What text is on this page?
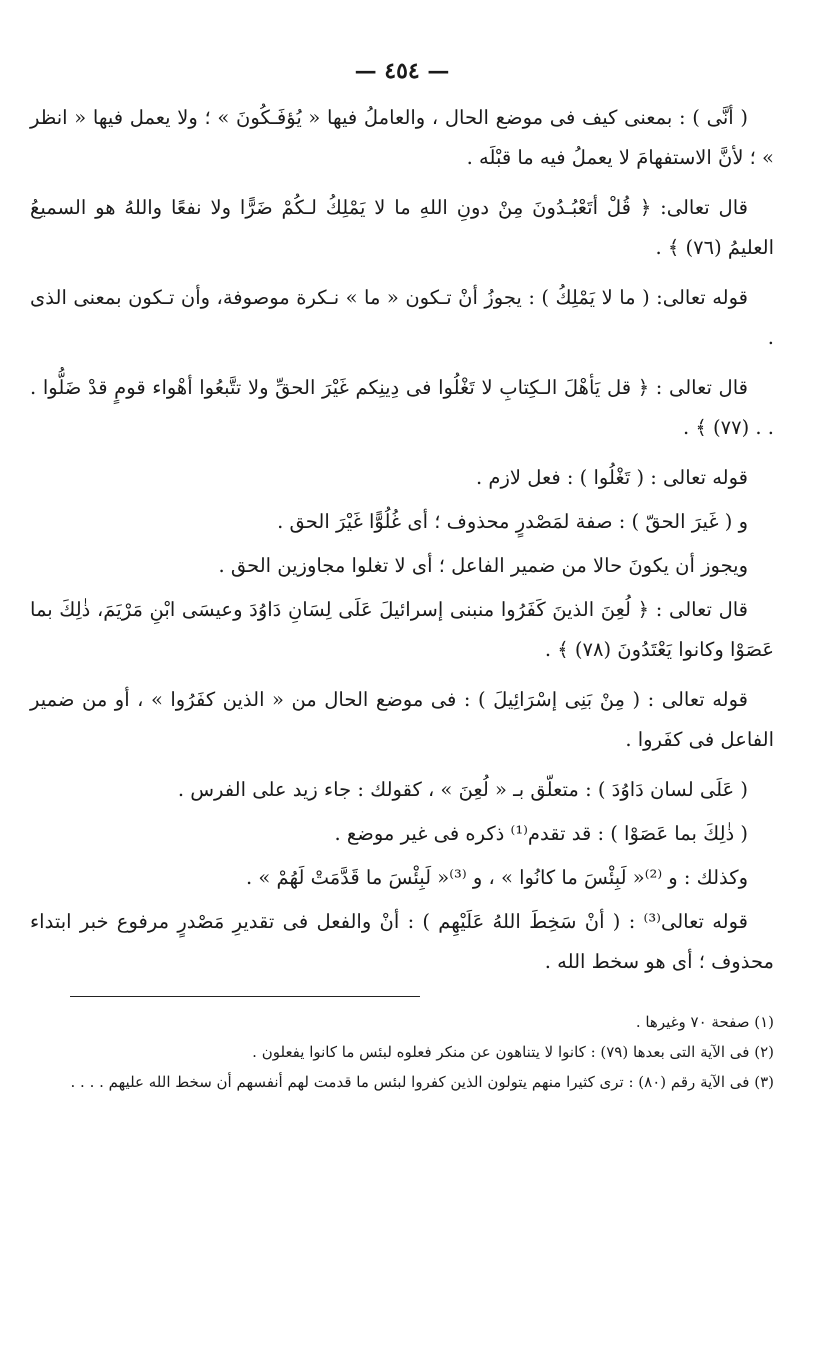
— ٤٥٤ —

( أنَّى ) : بمعنى كيف فى موضع الحال ، والعاملُ فيها « يُؤفَـكُونَ » ؛ ولا يعمل فيها « انظر » ؛ لأنَّ الاستفهامَ لا يعملُ فيه ما قبْلَه .

قال تعالى: ﴿ قُلْ أتَعْبُـدُونَ مِنْ دونِ اللهِ ما لا يَمْلِكُ لـكُمْ ضَرًّا ولا نفعًا واللهُ هو السميعُ العليمُ (٧٦) ﴾ .

قوله تعالى: ( ما لا يَمْلِكُ ) : يجوزُ أنْ تـكون « ما » نـكرة موصوفة، وأن تـكون بمعنى الذى .

قال تعالى : ﴿ قل يَأهْلَ الـكِتابِ لا تَغْلُوا فى دِينِكم غَيْرَ الحقِّ ولا تتَّبعُوا أهْواء قومٍ قدْ ضَلُّوا . . . (٧٧) ﴾ .

قوله تعالى : ( تَغْلُوا ) : فعل لازم .

و ( غَيرَ الحقّ ) : صفة لمَصْدرٍ محذوف ؛ أى غُلُوًّا غَيْرَ الحق .

ويجوز أن يكونَ حالا من ضمير الفاعل ؛ أى لا تغلوا مجاوزين الحق .

قال تعالى : ﴿ لُعِنَ الذينَ كَفَرُوا منبنى إسرائيلَ عَلَى لِسَانِ دَاوُدَ وعيسَى ابْنِ مَرْيَمَ، ذٰلِكَ بما عَصَوْا وكانوا يَعْتَدُونَ (٧٨) ﴾ .

قوله تعالى : ( مِنْ بَنِى إسْرَائِيلَ ) : فى موضع الحال من « الذين كفَرُوا » ، أو من ضمير الفاعل فى كفَروا .

( عَلَى لسان دَاوُدَ ) : متعلّق بـ « لُعِنَ » ، كقولك : جاء زيد على الفرس .

( ذٰلِكَ بما عَصَوْا ) : قد تقدم⁽¹⁾ ذكره فى غير موضع .

وكذلك : و ⁽²⁾« لَبِئْسَ ما كانُوا » ، و ⁽³⁾« لَبِئْسَ ما قَدَّمَتْ لَهُمْ » .

قوله تعالى⁽³⁾ : ( أنْ سَخِطَ اللهُ عَلَيْهِم ) : أنْ والفعل فى تقديرِ مَصْدرٍ مرفوع خبر ابتداء محذوف ؛ أى هو سخط الله .

(١) صفحة ٧٠ وغيرها .

(٢) فى الآية التى بعدها (٧٩) : كانوا لا يتناهون عن منكر فعلوه لبئس ما كانوا يفعلون .

(٣) فى الآية رقم (٨٠) : ترى كثيرا منهم يتولون الذين كفروا لبئس ما قدمت لهم أنفسهم أن سخط الله عليهم . . . .
